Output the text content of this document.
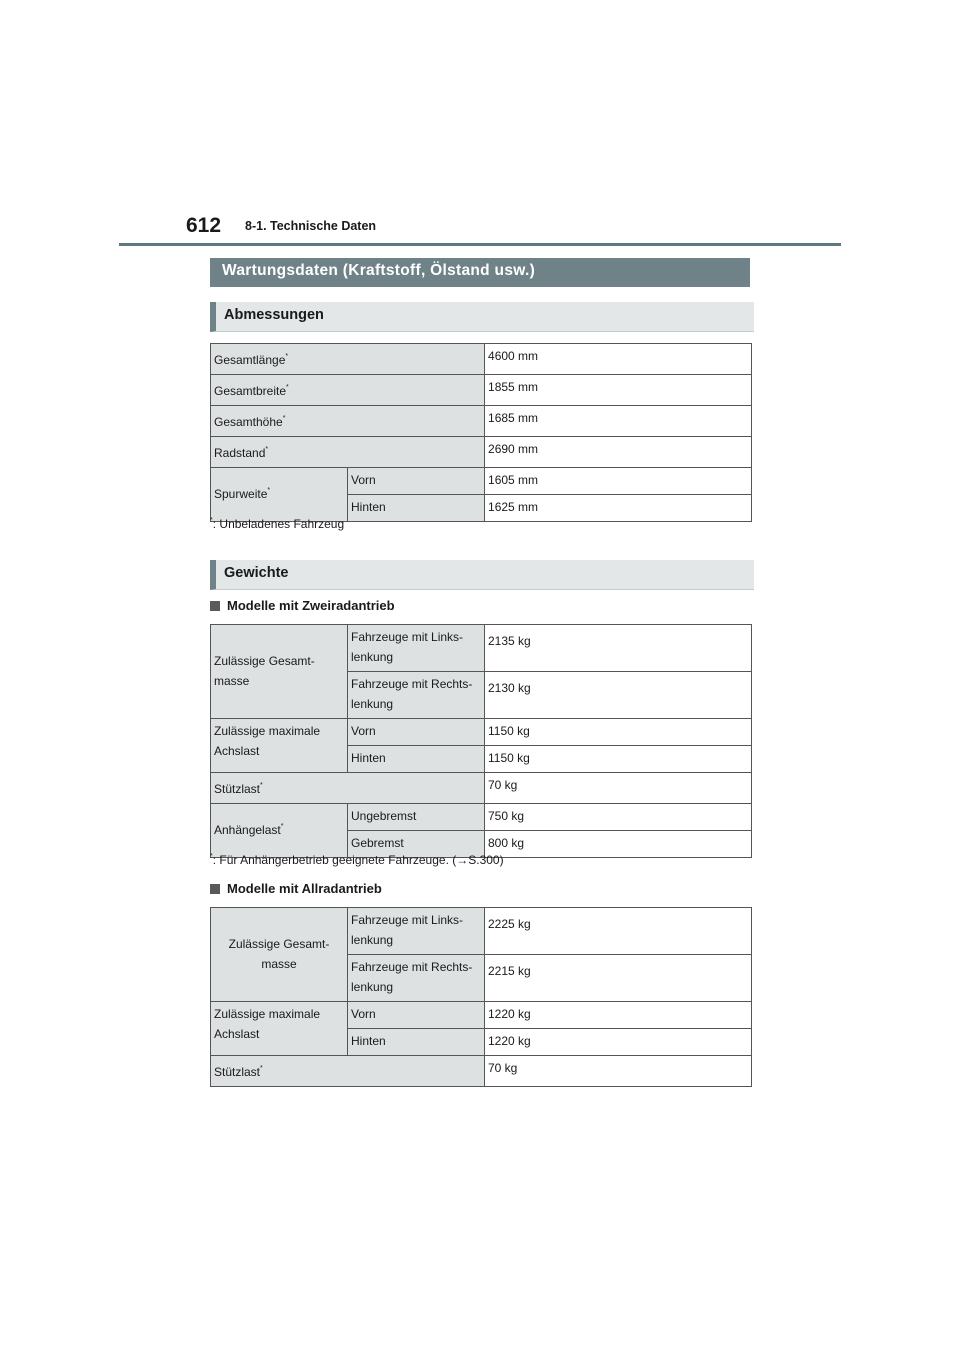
612 8-1. Technische Daten
Wartungsdaten (Kraftstoff, Ölstand usw.)
Abmessungen
Gesamtlänge*		4600 mm
Gesamtbreite*		1855 mm
Gesamthöhe*		1685 mm
Radstand*		2690 mm
Spurweite*	Vorn	1605 mm
	Hinten	1625 mm
*: Unbeladenes Fahrzeug
Gewichte
Modelle mit Zweiradantrieb
Zulässige Gesamt-masse	Fahrzeuge mit Links-lenkung	2135 kg
	Fahrzeuge mit Rechts-lenkung	2130 kg
Zulässige maximale Achslast	Vorn	1150 kg
	Hinten	1150 kg
Stützlast*		70 kg
Anhängelast*	Ungebremst	750 kg
	Gebremst	800 kg
*: Für Anhängerbetrieb geeignete Fahrzeuge. (→S.300)
Modelle mit Allradantrieb
Zulässige Gesamt-masse	Fahrzeuge mit Links-lenkung	2225 kg
	Fahrzeuge mit Rechts-lenkung	2215 kg
Zulässige maximale Achslast	Vorn	1220 kg
	Hinten	1220 kg
Stützlast*		70 kg
